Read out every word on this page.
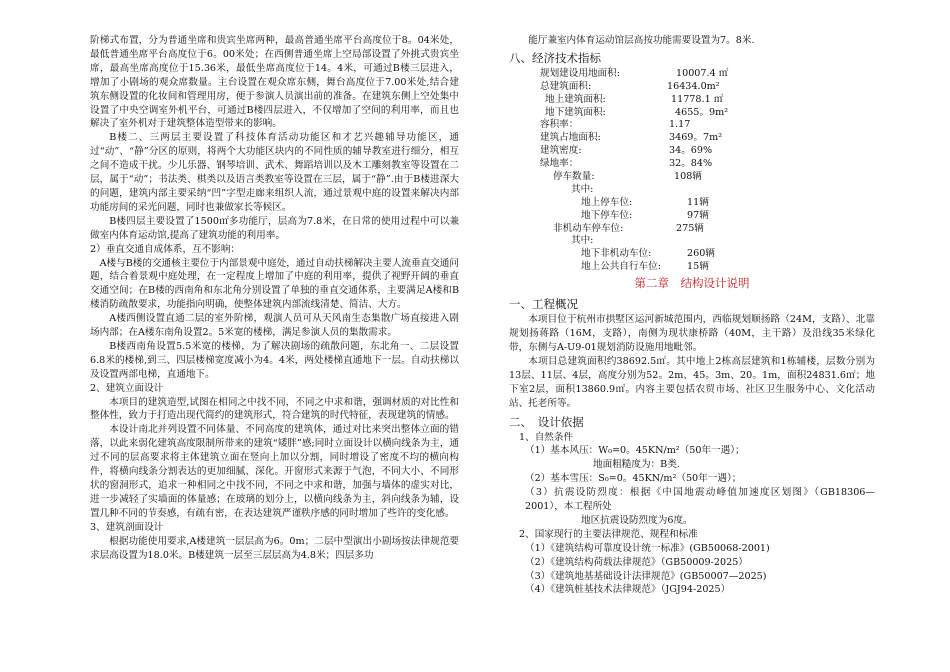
阶梯式布置，分为普通坐席和贵宾坐席两种，最高普通坐席平台高度位于8。04米处，最低普通坐席平台高度位于6。00米处；在西侧普通坐席上空局部设置了外挑式贵宾坐席，最高坐席高度位于15.36米，最低坐席高度位于14。4米，可通过B楼三层进入，增加了小剧场的观众席数量。主台设置在观众席东侧，舞台高度位于7.00米处,结合建筑东侧设置的化妆间和管理用房，便于参演人员演出前的准备。在建筑东侧上空处集中设置了中央空调室外机平台，可通过B楼四层进入，不仅增加了空间的利用率，而且也解决了室外机对于建筑整体造型带来的影响。

B楼二、三两层主要设置了科技体育活动功能区和才艺兴趣辅导功能区，通过“动”、“静”分区的原则，将两个大功能区块内的不同性质的辅导教室进行细分，相互之间不造成干扰。少儿乐器、钢琴培训、武术、舞蹈培训以及木工雕刻教室等设置在二层，属于“动”；书法类、棋类以及语言类教室等设置在三层，属于“静”.由于B楼进深大的问题，建筑内部主要采纳“凹”字型走廊来组织人流，通过景观中庭的设置来解决内部功能房间的采光问题，同时也兼做家长等候区。

B楼四层主要设置了1500㎡多功能厅，层高为7.8米，在日常的使用过程中可以兼做室内体育运动馆,提高了建筑功能的利用率。

2）垂直交通自成体系，互不影响：

A楼与B楼的交通核主要位于内部景观中庭处，通过自动扶梯解决主要人流垂直交通问题，结合着景观中庭处理，在一定程度上增加了中庭的利用率，提供了视野开阔的垂直交通空间；在B楼的西南角和东北角分别设置了单独的垂直交通体系，主要满足A楼和B楼消防疏散要求，功能指向明确，使整体建筑内部流线清楚、简洁、大方。

A楼西侧设置直通二层的室外阶梯，观演人员可从天风南生态集散广场直接进入剧场内部；在A楼东南角设置2。5米宽的楼梯，满足参演人员的集散需求。

B楼西南角设置5.5米宽的楼梯，为了解决剧场的疏散问题，东北角一、二层设置6.8米的楼梯,到三、四层楼梯宽度减小为4。4米，两处楼梯直通地下一层。自动扶梯以及设置两部电梯，直通地下。

2、建筑立面设计

本项目的建筑造型,试图在相同之中找不同，不同之中求和谐，强调材质的对比性和整体性，致力于打造出现代简约的建筑形式，符合建筑的时代特征，表现建筑的情感。

本设计南北并列设置不同体量、不同高度的建筑体，通过对比来突出整体立面的错落，以此来弱化建筑高度限制所带来的建筑“矮胖”感;同时立面设计以横向线条为主，通过不同的层高要求将主体建筑立面在竖向上加以分割，同时增设了密度不均的横向构件，将横向线条分割表达的更加细腻、深化。开窗形式来源于气泡，不同大小、不同形状的窗洞形式，追求一种相同之中找不同，不同之中求和谐，加强与墙体的虚实对比，进一步减轻了实墙面的体量感；在玻璃的划分上，以横向线条为主，斜向线条为辅，设置几种不同的节奏感，有疏有密，在表达建筑严谨秩序感的同时增加了些许的变化感。

3、建筑剖面设计

根据功能使用要求,A楼建筑一层层高为6。0m；二层中型演出小剧场按法律规范要求层高设置为18.0米。B楼建筑一层至三层层高为4.8米；四层多功

能厅兼室内体育运动馆层高按功能需要设置为7。8米.

八、经济技术指标
规划建设用地面积:	10007.4 ㎡
总建筑面积:	16434.0m²
地上建筑面积:	11778.1 ㎡
地下建筑面积:	4655。9m²
容积率：	1.17
建筑占地面积:	3469。7m²
建筑密度:	34。69%
绿地率：	32。84%
停车数量:	108辆
其中:
地上停车位:	11辆
地下停车位:	97辆
非机动车停车位:	275辆
其中:
地下非机动车位:	260辆
地上公共自行车位:	15辆
第二章　结构设计说明
一、工程概况

本项目位于杭州市拱墅区运河新城范围内，西临规划顺扬路（24M，支路）、北靠规划扬蒋路（16M，支路），南侧为现状康桥路（40M，主干路）及沿线35米绿化带，东侧与A-U9-01规划消防设施用地毗邻。

本项目总建筑面积约38692.5㎡。其中地上2栋高层建筑和1栋辅楼，层数分别为13层、11层、4层，高度分别为52。2m、45。3m、20。1m，面积24831.6㎡；地下室2层，面积13860.9㎡。内容主要包括农贸市场、社区卫生服务中心、文化活动站、托老所等。

二、　设计依据

1、自然条件

（1）基本风压：W₀=0。45KN/m²（50年一遇）；

地面粗糙度为：B类.

（2）基本雪压：S₀=0。45KN/m²（50年一遇）；

（3）抗震设防烈度：根据《中国地震动峰值加速度区划图》（GB18306—2001），本工程所处

地区抗震设防烈度为6度。

2、国家现行的主要法律规范、规程和标准

（1）《建筑结构可靠度设计统一标准》(GB50068-2001)

（2）《建筑结构荷载法律规范》（GB50009-2025）

（3）《建筑地基基础设计法律规范》(GB50007—2025)

（4）《建筑桩基技术法律规范》（JGJ94-2025）
